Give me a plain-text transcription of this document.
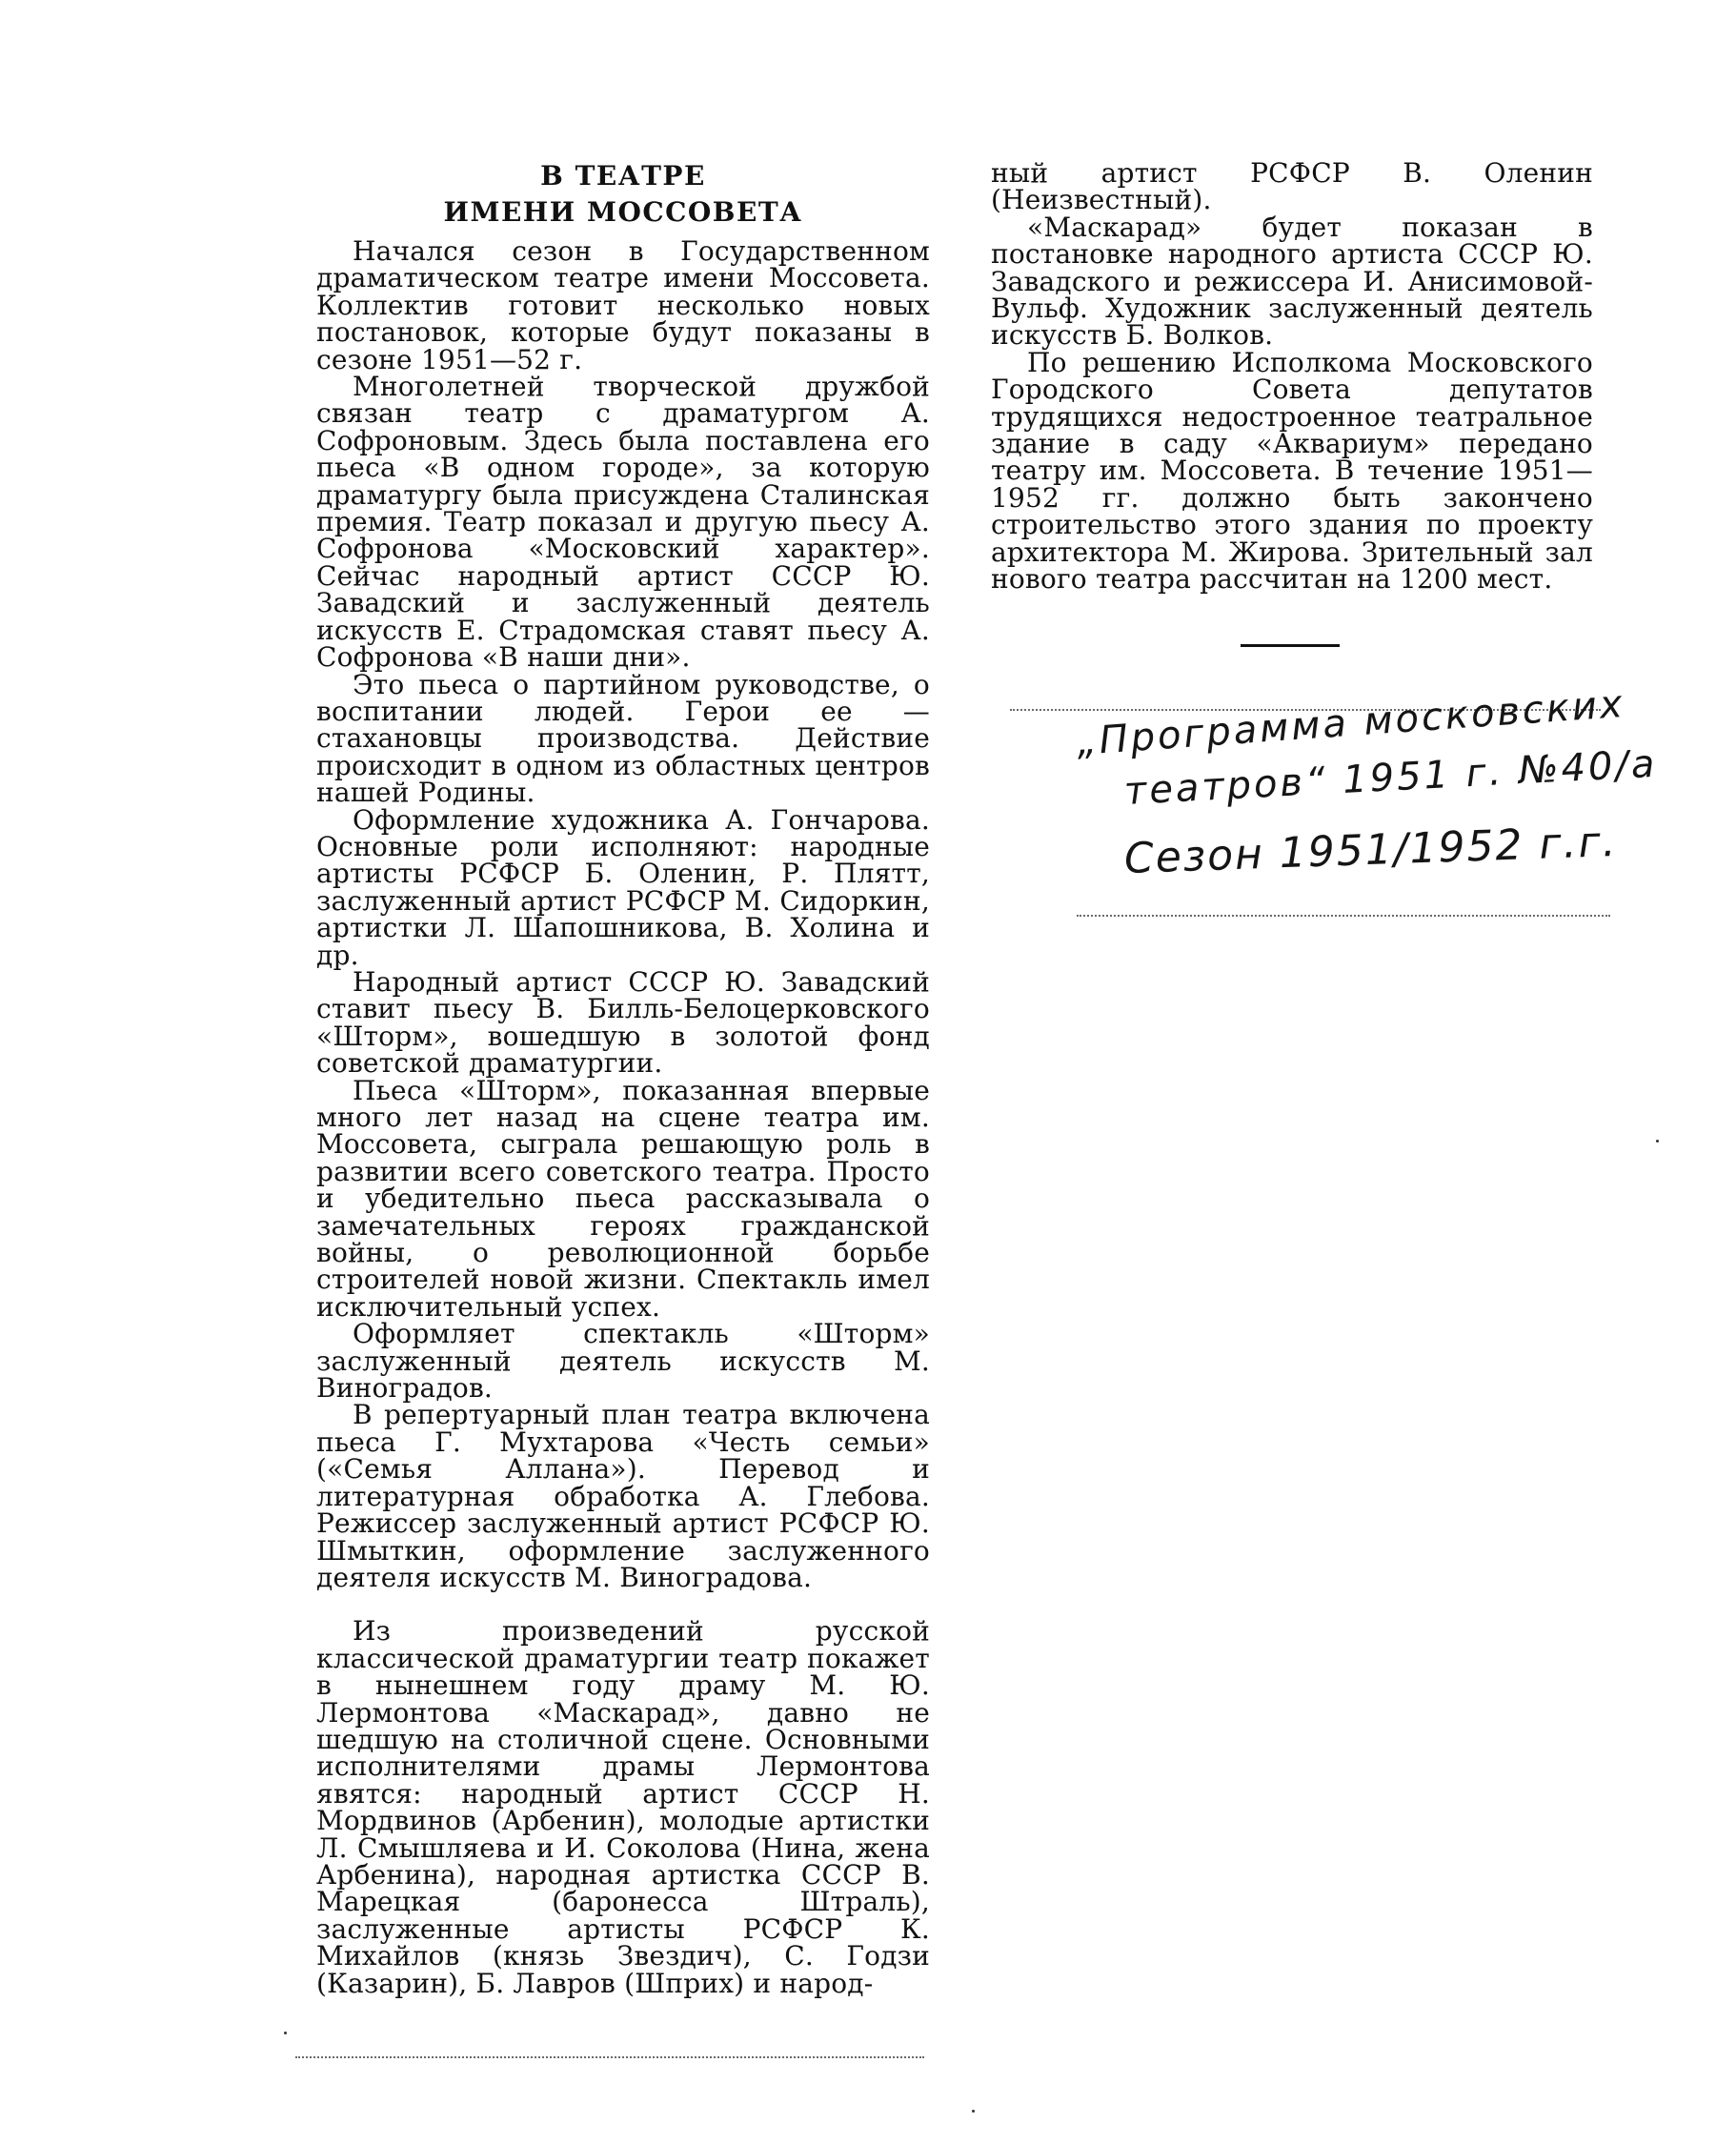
В ТЕАТРЕ
ИМЕНИ МОССОВЕТА

Начался сезон в Государственном драматическом театре имени Моссовета. Коллектив готовит несколько новых постановок, которые будут показаны в сезоне 1951—52 г.

Многолетней творческой дружбой связан театр с драматургом А. Софроновым. Здесь была поставлена его пьеса «В одном городе», за которую драматургу была присуждена Сталинская премия. Театр показал и другую пьесу А. Софронова «Московский характер». Сейчас народный артист СССР Ю. Завадский и заслуженный деятель искусств Е. Страдомская ставят пьесу А. Софронова «В наши дни».

Это пьеса о партийном руководстве, о воспитании людей. Герои ее — стахановцы производства. Действие происходит в одном из областных центров нашей Родины.

Оформление художника А. Гончарова. Основные роли исполняют: народные артисты РСФСР Б. Оленин, Р. Плятт, заслуженный артист РСФСР М. Сидоркин, артистки Л. Шапошникова, В. Холина и др.

Народный артист СССР Ю. Завадский ставит пьесу В. Билль-Белоцерковского «Шторм», вошедшую в золотой фонд советской драматургии.

Пьеса «Шторм», показанная впервые много лет назад на сцене театра им. Моссовета, сыграла решающую роль в развитии всего советского театра. Просто и убедительно пьеса рассказывала о замечательных героях гражданской войны, о революционной борьбе строителей новой жизни. Спектакль имел исключительный успех.

Оформляет спектакль «Шторм» заслуженный деятель искусств М. Виноградов.

В репертуарный план театра включена пьеса Г. Мухтарова «Честь семьи» («Семья Аллана»). Перевод и литературная обработка А. Глебова. Режиссер заслуженный артист РСФСР Ю. Шмыткин, оформление заслуженного деятеля искусств М. Виноградова.

Из произведений русской классической драматургии театр покажет в нынешнем году драму М. Ю. Лермонтова «Маскарад», давно не шедшую на столичной сцене. Основными исполнителями драмы Лермонтова явятся: народный артист СССР Н. Мордвинов (Арбенин), молодые артистки Л. Смышляева и И. Соколова (Нина, жена Арбенина), народная артистка СССР В. Марецкая (баронесса Штраль), заслуженные артисты РСФСР К. Михайлов (князь Звездич), С. Годзи (Казарин), Б. Лавров (Шприх) и народ-

ный артист РСФСР В. Оленин (Неизвестный).

«Маскарад» будет показан в постановке народного артиста СССР Ю. Завадского и режиссера И. Анисимовой-Вульф. Художник заслуженный деятель искусств Б. Волков.

По решению Исполкома Московского Городского Совета депутатов трудящихся недостроенное театральное здание в саду «Аквариум» передано театру им. Моссовета. В течение 1951—1952 гг. должно быть закончено строительство этого здания по проекту архитектора М. Жирова. Зрительный зал нового театра рассчитан на 1200 мест.

„Программа московских
театров“ 1951 г. №40/а
Сезон 1951/1952 г.г.
